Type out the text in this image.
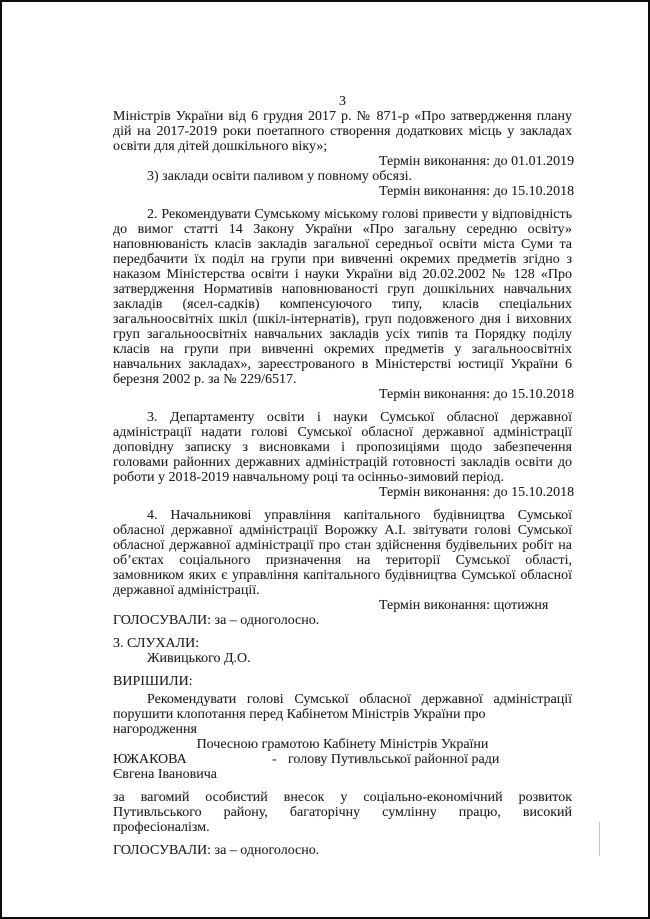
3

Міністрів України від 6 грудня 2017 р. № 871-р «Про затвердження плану дій на 2017-2019 роки поетапного створення додаткових місць у закладах освіти для дітей дошкільного віку»;

Термін виконання: до 01.01.2019
3) заклади освіти паливом у повному обсязі.
Термін виконання: до 15.10.2018

2. Рекомендувати Сумському міському голові привести у відповідність до вимог статті 14 Закону України «Про загальну середню освіту» наповнюваність класів закладів загальної середньої освіти міста Суми та передбачити їх поділ на групи при вивченні окремих предметів згідно з наказом Міністерства освіти і науки України від 20.02.2002 № 128 «Про затвердження Нормативів наповнюваності груп дошкільних навчальних закладів (ясел-садків) компенсуючого типу, класів спеціальних загальноосвітніх шкіл (шкіл-інтернатів), груп подовженого дня і виховних груп загальноосвітніх навчальних закладів усіх типів та Порядку поділу класів на групи при вивченні окремих предметів у загальноосвітніх навчальних закладах», зареєстрованого в Міністерстві юстиції України 6 березня 2002 р. за № 229/6517.

Термін виконання: до 15.10.2018

3. Департаменту освіти і науки Сумської обласної державної адміністрації надати голові Сумської обласної державної адміністрації доповідну записку з висновками і пропозиціями щодо забезпечення головами районних державних адміністрацій готовності закладів освіти до роботи у 2018-2019 навчальному році та осінньо-зимовий період.

Термін виконання: до 15.10.2018

4. Начальникові управління капітального будівництва Сумської обласної державної адміністрації Ворожку А.І. звітувати голові Сумської обласної державної адміністрації про стан здійснення будівельних робіт на об’єктах соціального призначення на території Сумської області, замовником яких є управління капітального будівництва Сумської обласної державної адміністрації.

Термін виконання: щотижня
ГОЛОСУВАЛИ: за – одноголосно.
3. СЛУХАЛИ:
Живицького Д.О.
ВИРІШИЛИ:
Рекомендувати голові Сумської обласної державної адміністрації
порушити клопотання перед Кабінетом Міністрів України про нагородження
Почесною грамотою Кабінету Міністрів України
ЮЖАКОВА	- голову Путивльської районної ради
Євгена Івановича

за вагомий особистий внесок у соціально-економічний розвиток Путивльського району, багаторічну сумлінну працю, високий професіоналізм.

ГОЛОСУВАЛИ: за – одноголосно.
